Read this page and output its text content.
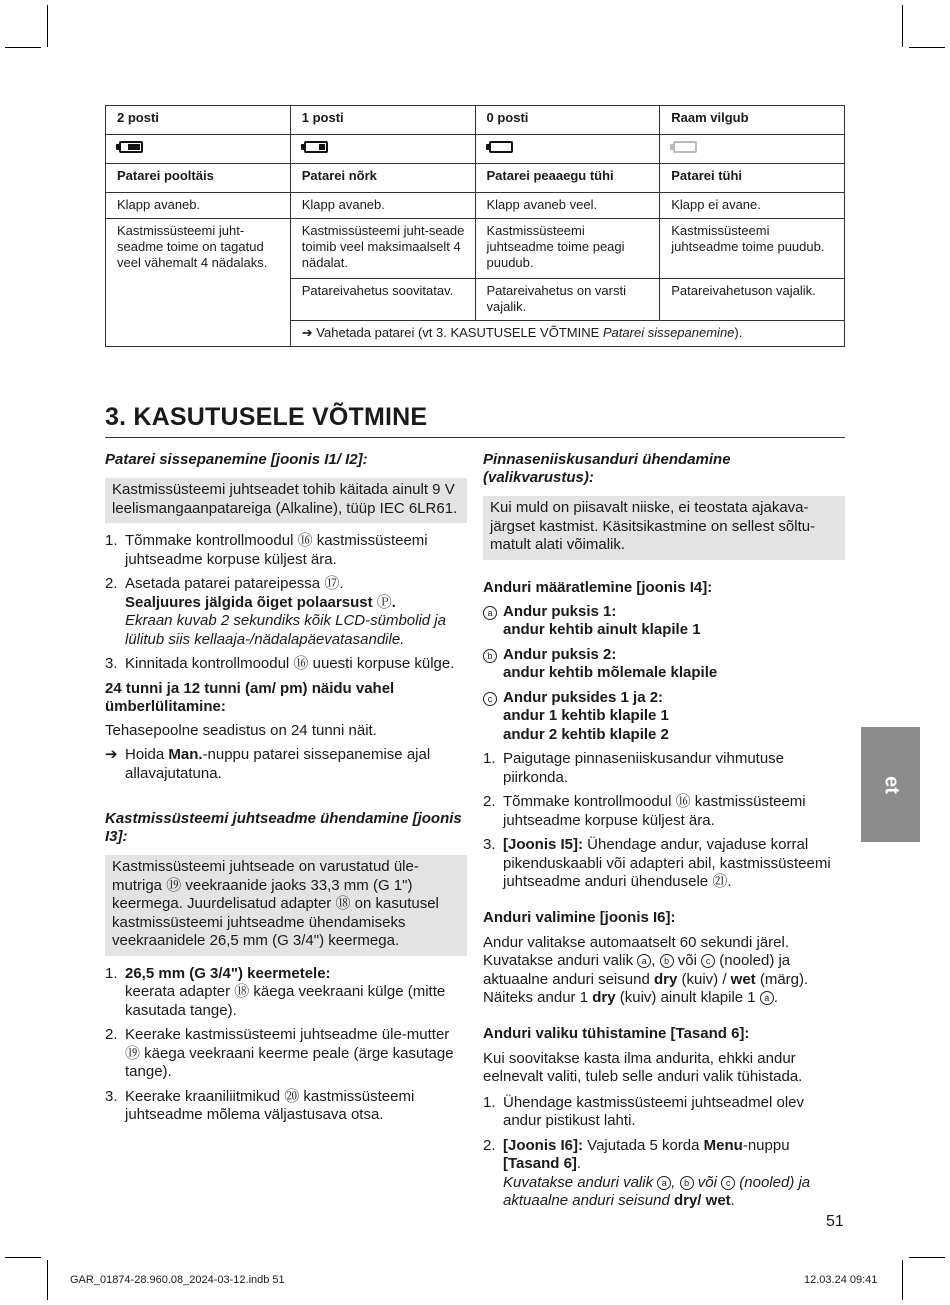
2 posti	1 posti	0 posti	Raam vilgub

Patarei pooltäis	Patarei nõrk	Patarei peaaegu tühi	Patarei tühi
Klapp avaneb.	Klapp avaneb.	Klapp avaneb veel.	Klapp ei avane.
Kastmissüsteemi juht-seadme toime on tagatud veel vähemalt 4 nädalaks.	Kastmissüsteemi juht-seade toimib veel maksimaalselt 4 nädalat.	Kastmissüsteemi juhtseadme toime peagi puudub.	Kastmissüsteemi juhtseadme toime puudub.
	Patareivahetus soovitatav.	Patareivahetus on varsti vajalik.	Patareivahetuson vajalik.
	➔ Vahetada patarei (vt 3. KASUTUSELE VÕTMINE Patarei sissepanemine).		
3. KASUTUSELE VÕTMINE

Patarei sissepanemine [joonis I1/ I2]:

Kastmissüsteemi juhtseadet tohib käitada ainult 9 V leelismangaanpatareiga (Alkaline), tüüp IEC 6LR61.

1. Tõmmake kontrollmoodul ⑯ kastmissüsteemi juhtseadme korpuse küljest ära.
2. Asetada patarei patareipessa ⑰.
Sealjuures jälgida õiget polaarsust Ⓟ.
Ekraan kuvab 2 sekundiks kõik LCD-sümbolid ja lülitub siis kellaaja-/nädalapäevatasandile.
3. Kinnitada kontrollmoodul ⑯ uuesti korpuse külge.

24 tunni ja 12 tunni (am/ pm) näidu vahel ümberlülitamine:

Tehasepoolne seadistus on 24 tunni näit.

➔ Hoida Man.-nuppu patarei sissepanemise ajal allavajutatuna.

Kastmissüsteemi juhtseadme ühendamine [joonis I3]:

Kastmissüsteemi juhtseade on varustatud üle-mutriga ⑲ veekraanide jaoks 33,3 mm (G 1") keermega. Juurdelisatud adapter ⑱ on kasutusel kastmissüsteemi juhtseadme ühendamiseks veekraanidele 26,5 mm (G 3/4") keermega.

1. 26,5 mm (G 3/4") keermetele:
keerata adapter ⑱ käega veekraani külge (mitte kasutada tange).
2. Keerake kastmissüsteemi juhtseadme üle-mutter ⑲ käega veekraani keerme peale (ärge kasutage tange).
3. Keerake kraaniliitmikud ⑳ kastmissüsteemi juhtseadme mõlema väljastusava otsa.

Pinnaseniiskusanduri ühendamine (valikvarustus):

Kui muld on piisavalt niiske, ei teostata ajakava-järgset kastmist. Käsitsikastmine on sellest sõltu-matult alati võimalik.

Anduri määratlemine [joonis I4]:

a Andur puksis 1:
andur kehtib ainult klapile 1

b Andur puksis 2:
andur kehtib mõlemale klapile

c Andur puksides 1 ja 2:
andur 1 kehtib klapile 1
andur 2 kehtib klapile 2

1. Paigutage pinnaseniiskusandur vihmutuse piirkonda.
2. Tõmmake kontrollmoodul ⑯ kastmissüsteemi juhtseadme korpuse küljest ära.
3. [Joonis I5]: Ühendage andur, vajaduse korral pikenduskaabli või adapteri abil, kastmissüsteemi juhtseadme anduri ühendusele ㉑.

Anduri valimine [joonis I6]:

Andur valitakse automaatselt 60 sekundi järel. Kuvatakse anduri valik a , b või c (nooled) ja aktuaalne anduri seisund dry (kuiv) / wet (märg). Näiteks andur 1 dry (kuiv) ainult klapile 1 a .

Anduri valiku tühistamine [Tasand 6]:

Kui soovitakse kasta ilma andurita, ehkki andur eelnevalt valiti, tuleb selle anduri valik tühistada.

1. Ühendage kastmissüsteemi juhtseadmel olev andur pistikust lahti.
2. [Joonis I6]: Vajutada 5 korda Menu-nuppu [Tasand 6].
Kuvatakse anduri valik a , b või c (nooled) ja aktuaalne anduri seisund dry/ wet.
et
51
GAR_01874-28.960.08_2024-03-12.indb 51	12.03.24 09:41
